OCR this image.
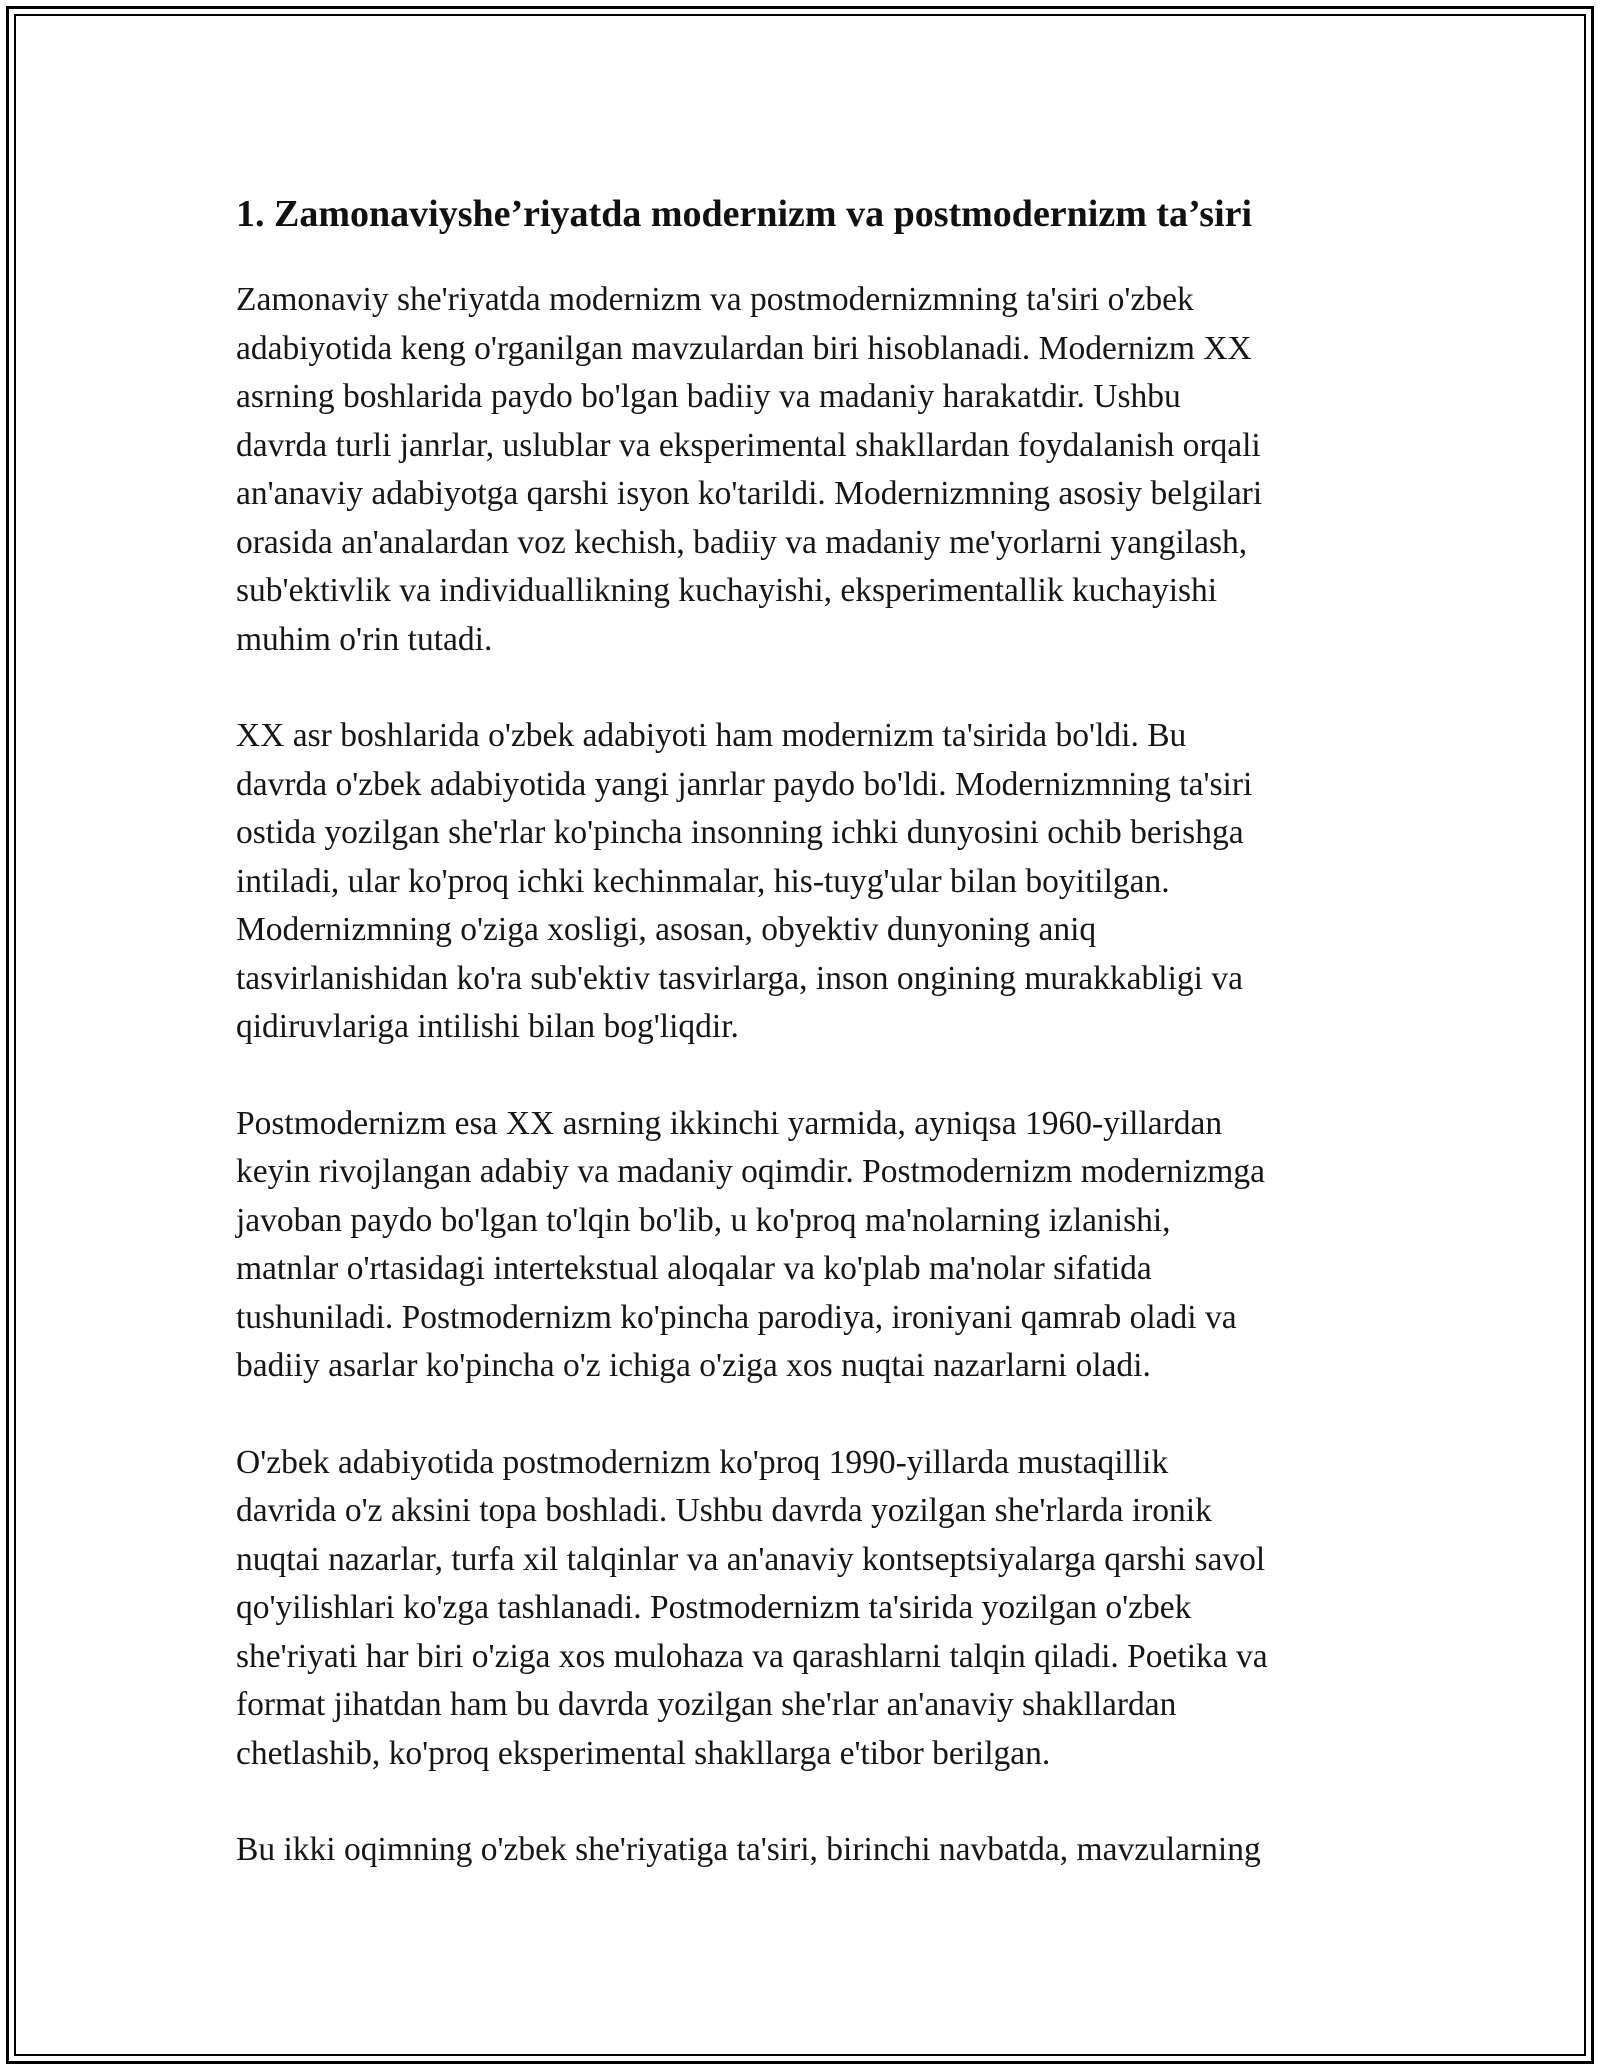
1. Zamonaviyshe’riyatda modernizm va postmodernizm ta’siri

Zamonaviy she'riyatda modernizm va postmodernizmning ta'siri o'zbek
adabiyotida keng o'rganilgan mavzulardan biri hisoblanadi. Modernizm XX
asrning boshlarida paydo bo'lgan badiiy va madaniy harakatdir. Ushbu
davrda turli janrlar, uslublar va eksperimental shakllardan foydalanish orqali
an'anaviy adabiyotga qarshi isyon ko'tarildi. Modernizmning asosiy belgilari
orasida an'analardan voz kechish, badiiy va madaniy me'yorlarni yangilash,
sub'ektivlik va individuallikning kuchayishi, eksperimentallik kuchayishi
muhim o'rin tutadi.

XX asr boshlarida o'zbek adabiyoti ham modernizm ta'sirida bo'ldi. Bu
davrda o'zbek adabiyotida yangi janrlar paydo bo'ldi. Modernizmning ta'siri
ostida yozilgan she'rlar ko'pincha insonning ichki dunyosini ochib berishga
intiladi, ular ko'proq ichki kechinmalar, his-tuyg'ular bilan boyitilgan.
Modernizmning o'ziga xosligi, asosan, obyektiv dunyoning aniq
tasvirlanishidan ko'ra sub'ektiv tasvirlarga, inson ongining murakkabligi va
qidiruvlariga intilishi bilan bog'liqdir.

Postmodernizm esa XX asrning ikkinchi yarmida, ayniqsa 1960-yillardan
keyin rivojlangan adabiy va madaniy oqimdir. Postmodernizm modernizmga
javoban paydo bo'lgan to'lqin bo'lib, u ko'proq ma'nolarning izlanishi,
matnlar o'rtasidagi intertekstual aloqalar va ko'plab ma'nolar sifatida
tushuniladi. Postmodernizm ko'pincha parodiya, ironiyani qamrab oladi va
badiiy asarlar ko'pincha o'z ichiga o'ziga xos nuqtai nazarlarni oladi.

O'zbek adabiyotida postmodernizm ko'proq 1990-yillarda mustaqillik
davrida o'z aksini topa boshladi. Ushbu davrda yozilgan she'rlarda ironik
nuqtai nazarlar, turfa xil talqinlar va an'anaviy kontseptsiyalarga qarshi savol
qo'yilishlari ko'zga tashlanadi. Postmodernizm ta'sirida yozilgan o'zbek
she'riyati har biri o'ziga xos mulohaza va qarashlarni talqin qiladi. Poetika va
format jihatdan ham bu davrda yozilgan she'rlar an'anaviy shakllardan
chetlashib, ko'proq eksperimental shakllarga e'tibor berilgan.

Bu ikki oqimning o'zbek she'riyatiga ta'siri, birinchi navbatda, mavzularning
